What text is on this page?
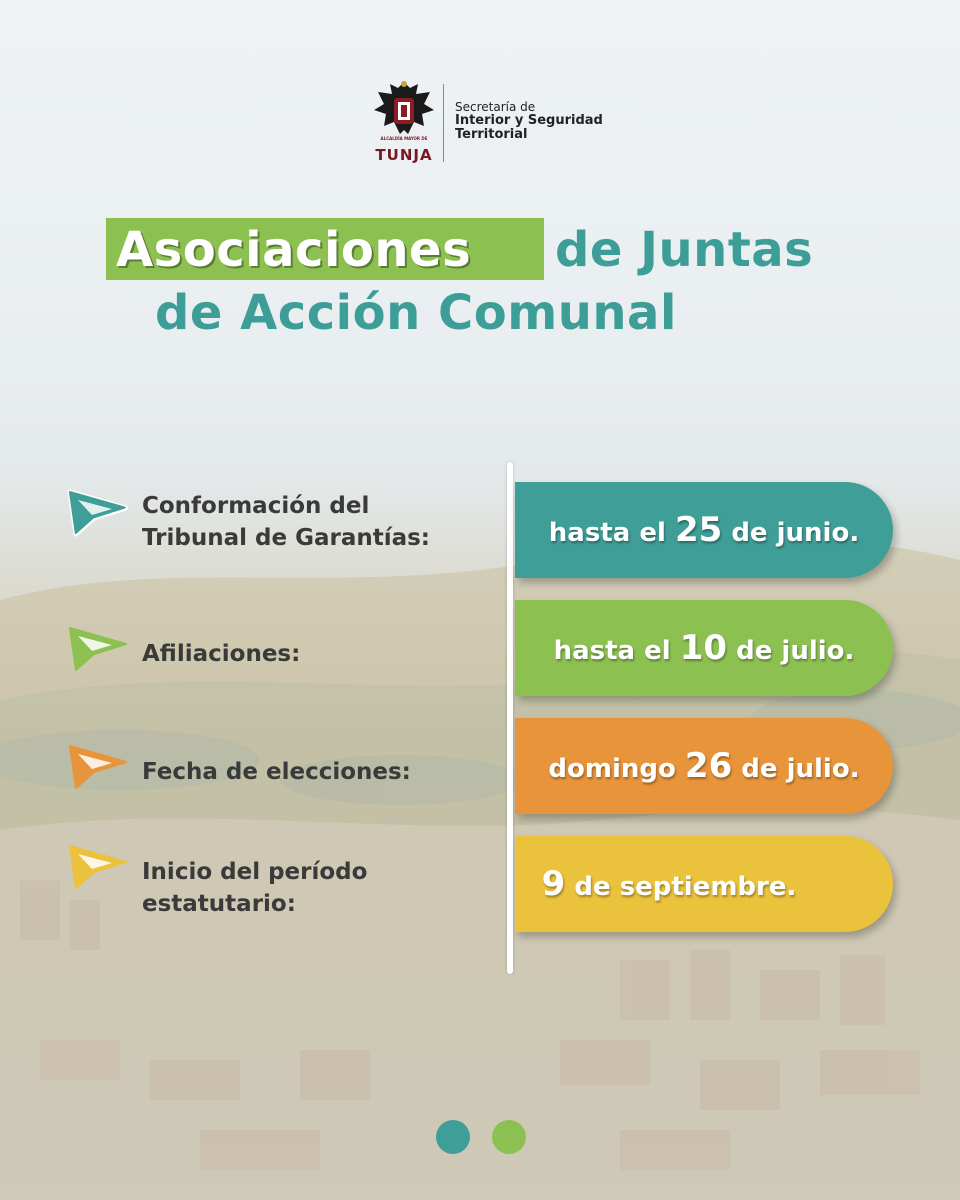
ALCALDÍA MAYOR DE
TUNJA
Secretaría de
Interior y Seguridad
Territorial
Asociaciones de Juntas
de Acción Comunal
Conformación del
Tribunal de Garantías:	hasta el 25 de junio.
Afiliaciones:	hasta el 10 de julio.
Fecha de elecciones:	domingo 26 de julio.
Inicio del período
estatutario:	9 de septiembre.
